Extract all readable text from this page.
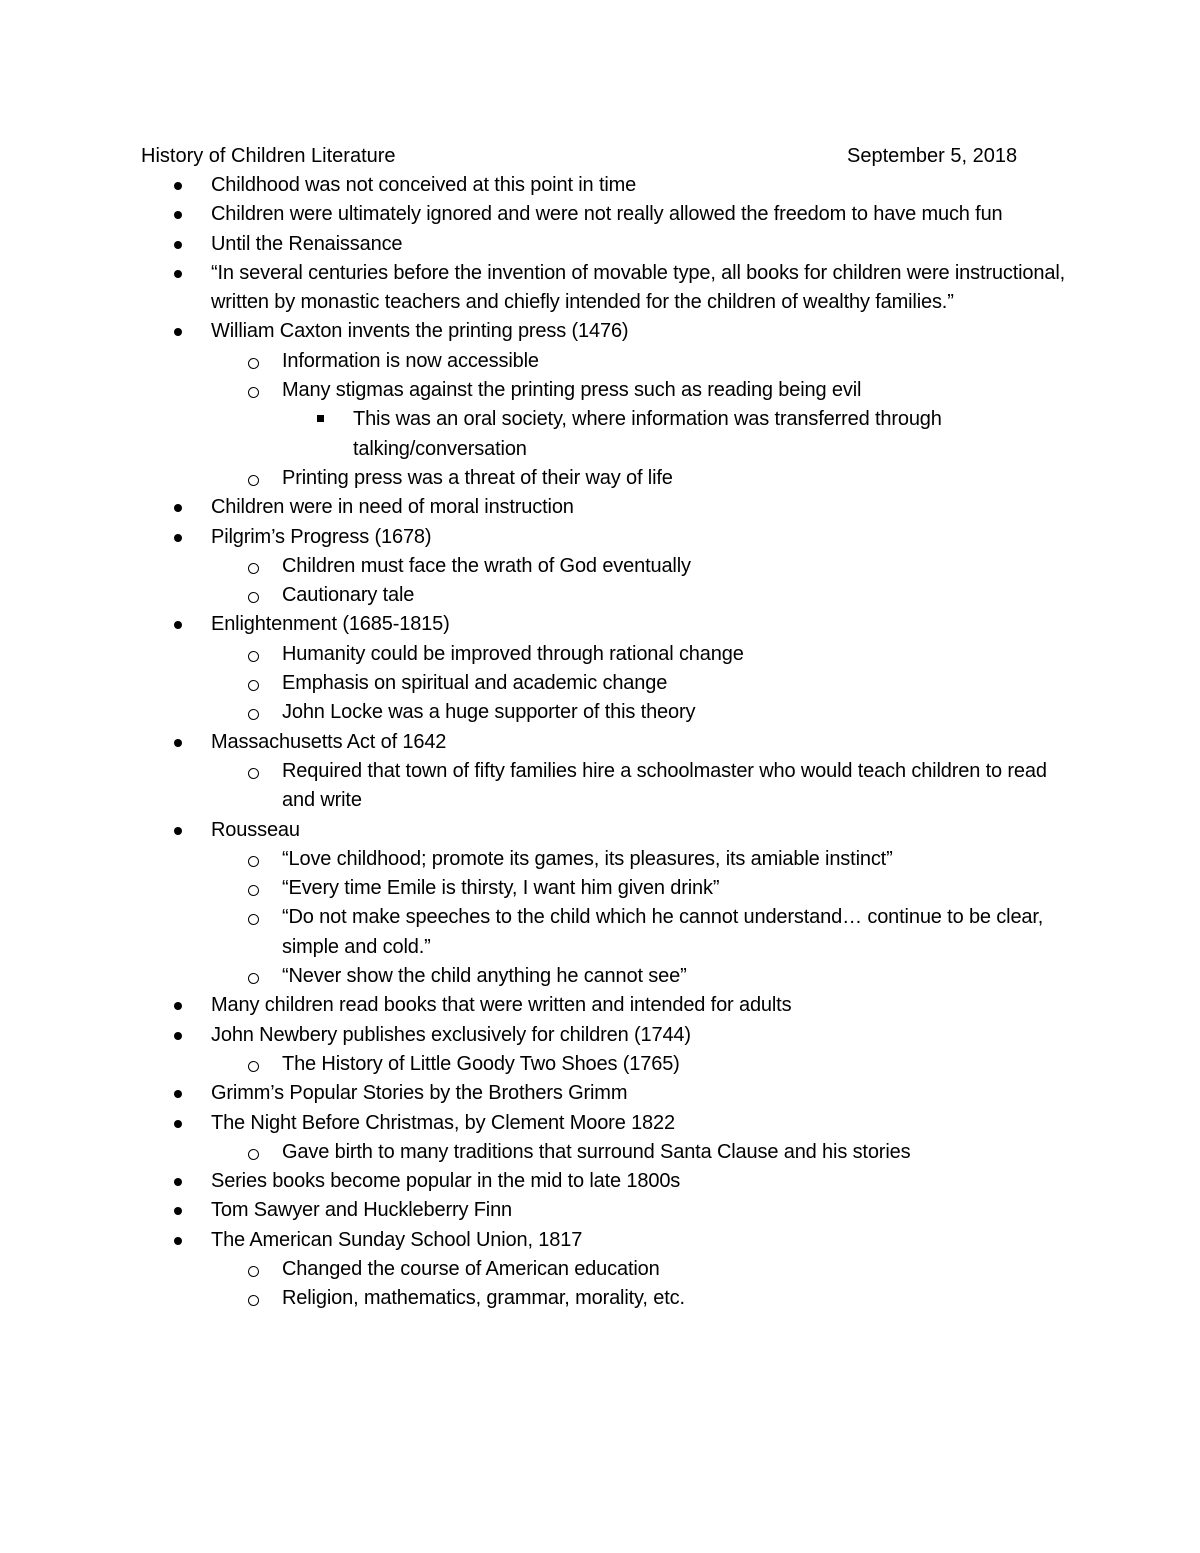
History of Children Literature	September 5, 2018
Childhood was not conceived at this point in time
Children were ultimately ignored and were not really allowed the freedom to have much fun
Until the Renaissance
“In several centuries before the invention of movable type, all books for children were instructional, written by monastic teachers and chiefly intended for the children of wealthy families.”
William Caxton invents the printing press (1476)
Information is now accessible
Many stigmas against the printing press such as reading being evil
This was an oral society, where information was transferred through talking/conversation
Printing press was a threat of their way of life
Children were in need of moral instruction
Pilgrim’s Progress (1678)
Children must face the wrath of God eventually
Cautionary tale
Enlightenment (1685-1815)
Humanity could be improved through rational change
Emphasis on spiritual and academic change
John Locke was a huge supporter of this theory
Massachusetts Act of 1642
Required that town of fifty families hire a schoolmaster who would teach children to read and write
Rousseau
“Love childhood; promote its games, its pleasures, its amiable instinct”
“Every time Emile is thirsty, I want him given drink”
“Do not make speeches to the child which he cannot understand… continue to be clear, simple and cold.”
“Never show the child anything he cannot see”
Many children read books that were written and intended for adults
John Newbery publishes exclusively for children (1744)
The History of Little Goody Two Shoes (1765)
Grimm’s Popular Stories by the Brothers Grimm
The Night Before Christmas, by Clement Moore 1822
Gave birth to many traditions that surround Santa Clause and his stories
Series books become popular in the mid to late 1800s
Tom Sawyer and Huckleberry Finn
The American Sunday School Union, 1817
Changed the course of American education
Religion, mathematics, grammar, morality, etc.
